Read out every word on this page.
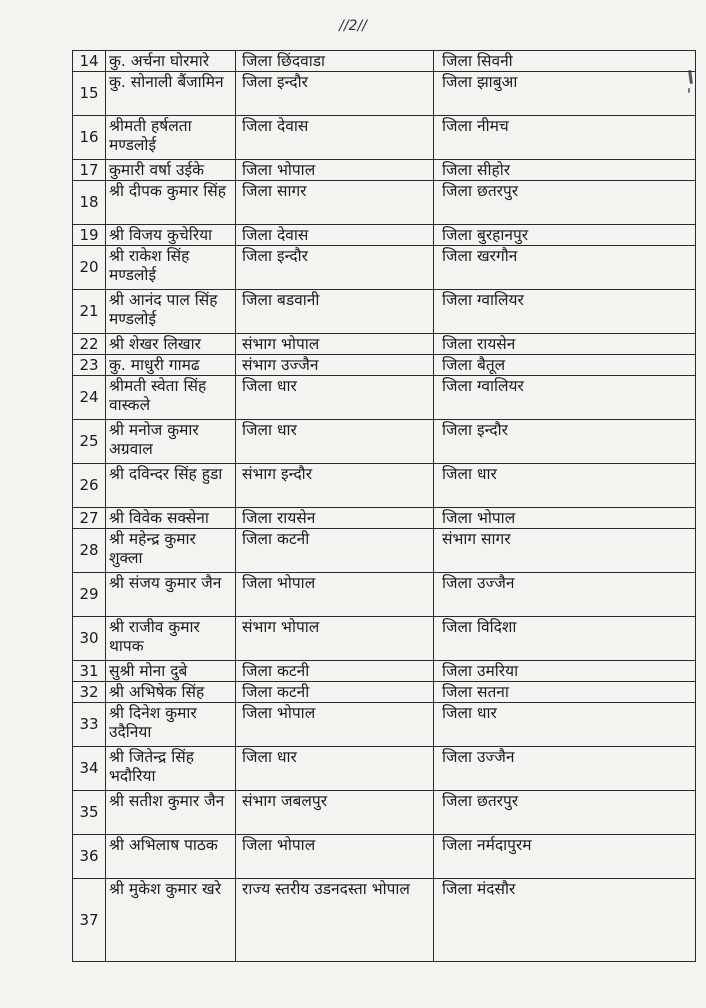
//2//
14	कु. अर्चना घोरमारे	जिला छिंदवाडा	जिला सिवनी
15	कु. सोनाली बैंजामिन	जिला इन्दौर	जिला झाबुआ
16	श्रीमती हर्षलता मण्डलोई	जिला देवास	जिला नीमच
17	कुमारी वर्षा उईके	जिला भोपाल	जिला सीहोर
18	श्री दीपक कुमार सिंह	जिला सागर	जिला छतरपुर
19	श्री विजय कुचेरिया	जिला देवास	जिला बुरहानपुर
20	श्री राकेश सिंह मण्डलोई	जिला इन्दौर	जिला खरगौन
21	श्री आनंद पाल सिंह मण्डलोई	जिला बडवानी	जिला ग्वालियर
22	श्री शेखर लिखार	संभाग भोपाल	जिला रायसेन
23	कु. माधुरी गामढ	संभाग उज्जैन	जिला बैतूल
24	श्रीमती स्वेता सिंह वास्कले	जिला धार	जिला ग्वालियर
25	श्री मनोज कुमार अग्रवाल	जिला धार	जिला इन्दौर
26	श्री दविन्दर सिंह हुडा	संभाग इन्दौर	जिला धार
27	श्री विवेक सक्सेना	जिला रायसेन	जिला भोपाल
28	श्री महेन्द्र कुमार शुक्ला	जिला कटनी	संभाग सागर
29	श्री संजय कुमार जैन	जिला भोपाल	जिला उज्जैन
30	श्री राजीव कुमार थापक	संभाग भोपाल	जिला विदिशा
31	सुश्री मोना दुबे	जिला कटनी	जिला उमरिया
32	श्री अभिषेक सिंह	जिला कटनी	जिला सतना
33	श्री दिनेश कुमार उदैनिया	जिला भोपाल	जिला धार
34	श्री जितेन्द्र सिंह भदौरिया	जिला धार	जिला उज्जैन
35	श्री सतीश कुमार जैन	संभाग जबलपुर	जिला छतरपुर
36	श्री अभिलाष पाठक	जिला भोपाल	जिला नर्मदापुरम
37	श्री मुकेश कुमार खरे	राज्य स्तरीय उडनदस्ता भोपाल	जिला मंदसौर
